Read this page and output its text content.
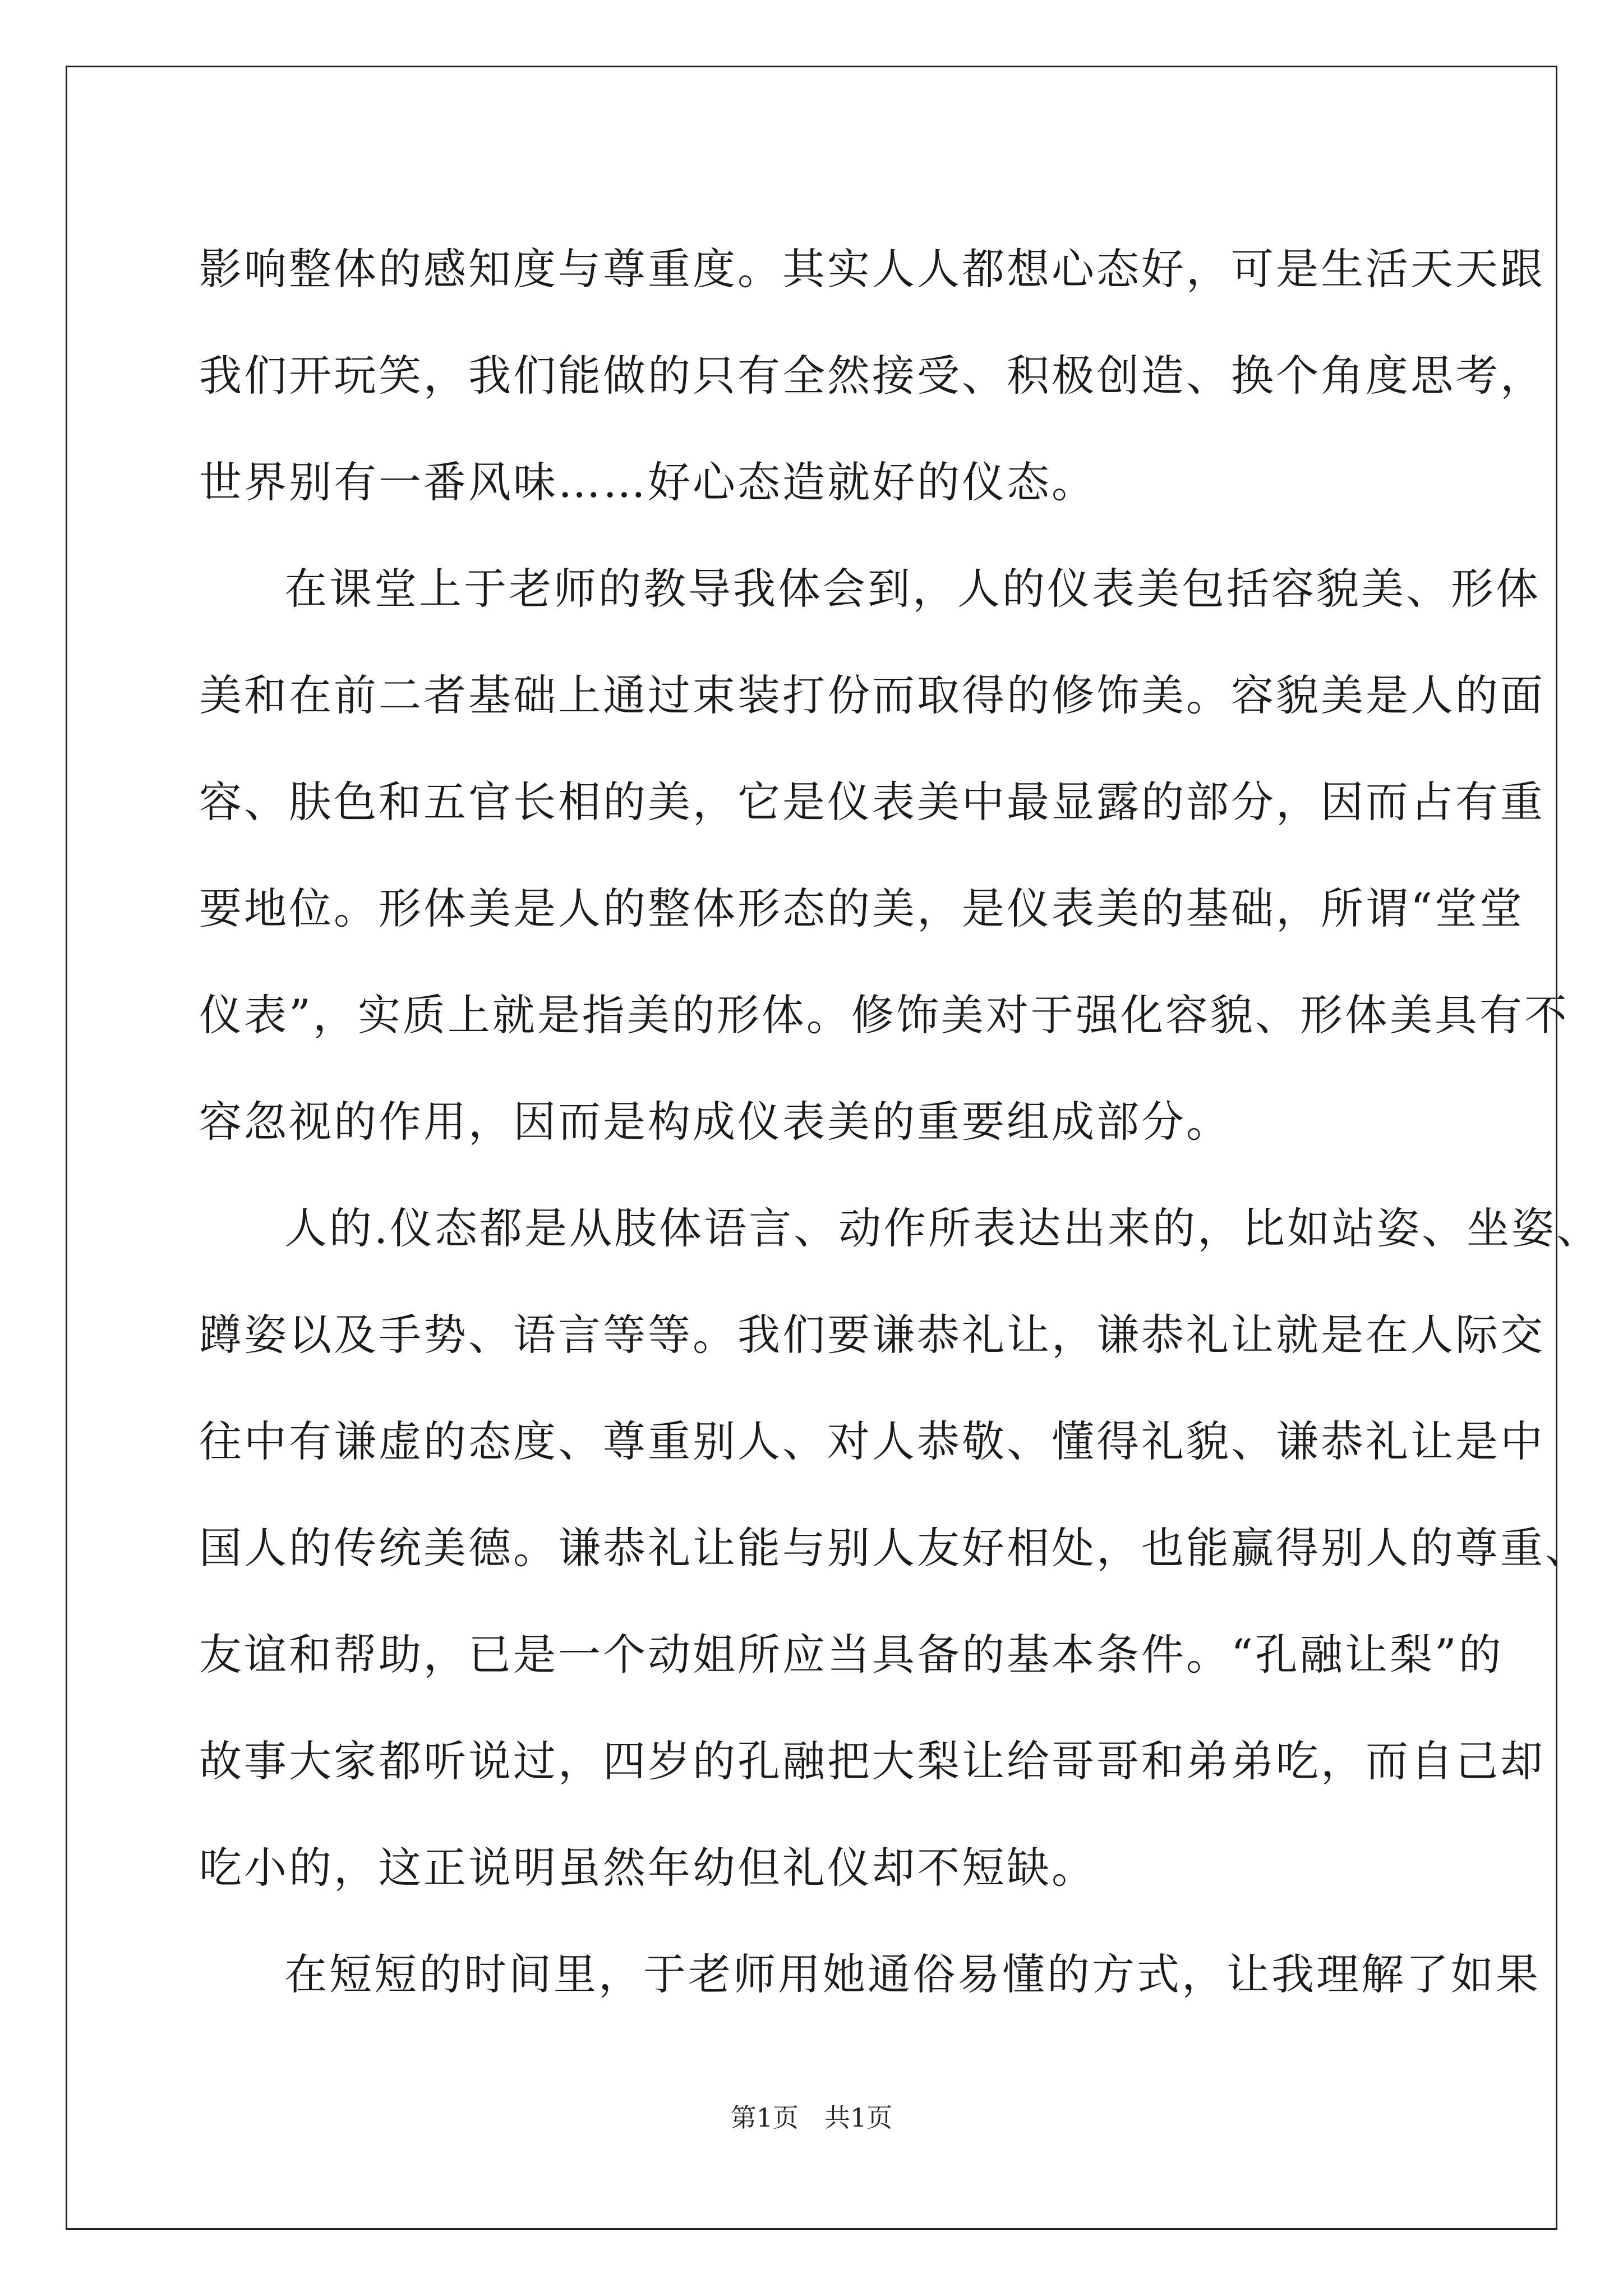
影响整体的感知度与尊重度。其实人人都想心态好，可是生活天天跟
我们开玩笑，我们能做的只有全然接受、积极创造、换个角度思考，
世界别有一番风味……好心态造就好的仪态。

在课堂上于老师的教导我体会到，人的仪表美包括容貌美、形体
美和在前二者基础上通过束装打份而取得的修饰美。容貌美是人的面
容、肤色和五官长相的美，它是仪表美中最显露的部分，因而占有重
要地位。形体美是人的整体形态的美，是仪表美的基础，所谓“堂堂
仪表”，实质上就是指美的形体。修饰美对于强化容貌、形体美具有不
容忽视的作用，因而是构成仪表美的重要组成部分。

人的.仪态都是从肢体语言、动作所表达出来的，比如站姿、坐姿、
蹲姿以及手势、语言等等。我们要谦恭礼让，谦恭礼让就是在人际交
往中有谦虚的态度、尊重别人、对人恭敬、懂得礼貌、谦恭礼让是中
国人的传统美德。谦恭礼让能与别人友好相处，也能赢得别人的尊重、
友谊和帮助，已是一个动姐所应当具备的基本条件。“孔融让梨”的
故事大家都听说过，四岁的孔融把大梨让给哥哥和弟弟吃，而自己却
吃小的，这正说明虽然年幼但礼仪却不短缺。

在短短的时间里，于老师用她通俗易懂的方式，让我理解了如果

第1页　共1页
